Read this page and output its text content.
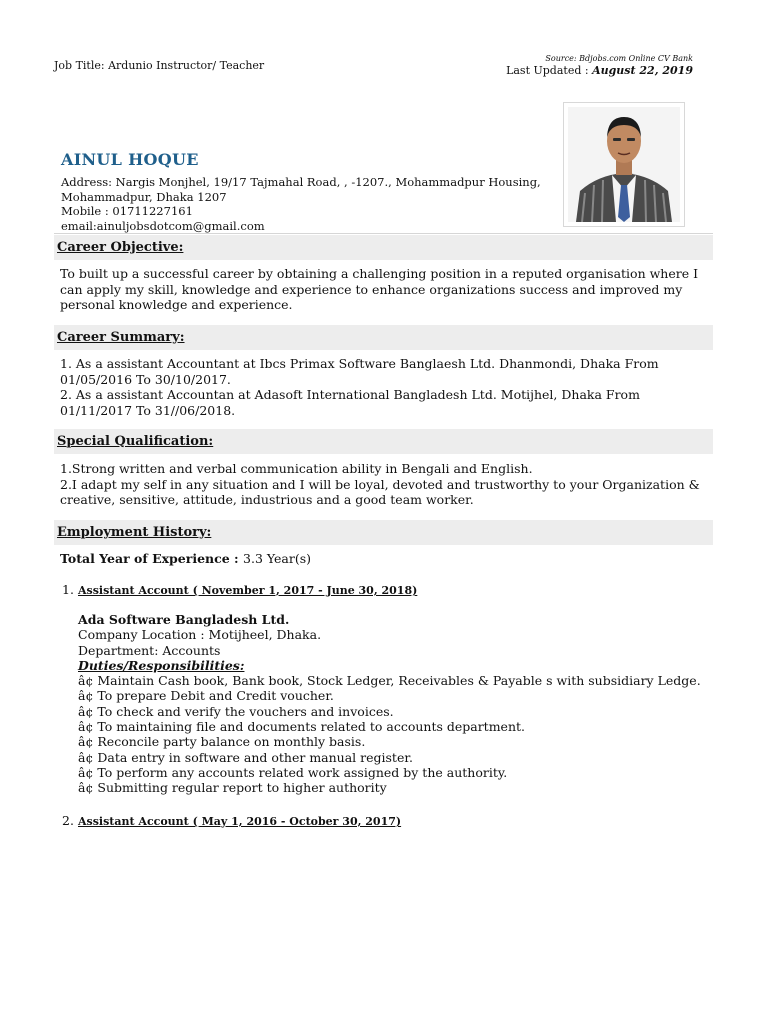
Job Title: Ardunio Instructor/ Teacher
Source: Bdjobs.com Online CV Bank
Last Updated : August 22, 2019
AINUL HOQUE
Address: Nargis Monjhel, 19/17 Tajmahal Road, , -1207., Mohammadpur Housing,
Mohammadpur, Dhaka 1207
Mobile : 01711227161
email:ainuljobsdotcom@gmail.com
Career Objective:
To built up a successful career by obtaining a challenging position in a reputed organisation where I can apply my skill, knowledge and experience to enhance organizations success and improved my personal knowledge and experience.
Career Summary:
1. As a assistant Accountant at Ibcs Primax Software Banglaesh Ltd. Dhanmondi, Dhaka From 01/05/2016 To 30/10/2017.
2. As a assistant Accountan at Adasoft International Bangladesh Ltd. Motijhel, Dhaka From 01/11/2017 To 31//06/2018.
Special Qualification:
1.Strong written and verbal communication ability in Bengali and English.
2.I adapt my self in any situation and I will be loyal, devoted and trustworthy to your Organization & creative, sensitive, attitude, industrious and a good team worker.
Employment History:
Total Year of Experience : 3.3 Year(s)
1. Assistant Account ( November 1, 2017 - June 30, 2018)
Ada Software Bangladesh Ltd.
Company Location : Motijheel, Dhaka.
Department: Accounts
Duties/Responsibilities:
â¢ Maintain Cash book, Bank book, Stock Ledger, Receivables & Payable s with subsidiary Ledge.
â¢ To prepare Debit and Credit voucher.
â¢ To check and verify the vouchers and invoices.
â¢ To maintaining file and documents related to accounts department.
â¢ Reconcile party balance on monthly basis.
â¢ Data entry in software and other manual register.
â¢ To perform any accounts related work assigned by the authority.
â¢ Submitting regular report to higher authority
2. Assistant Account ( May 1, 2016 - October 30, 2017)
